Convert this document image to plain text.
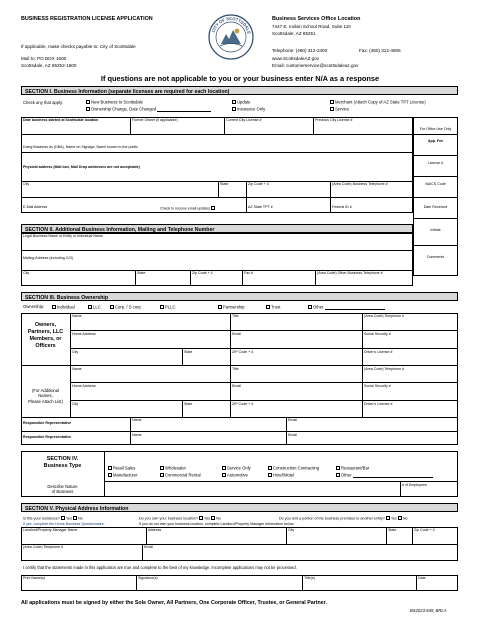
BUSINESS REGISTRATION LICENSE APPLICATION
If applicable, make checks payable to: City of Scottsdale
Mail to: PO BOX 1600
Scottsdale, AZ 85252-1600
CITY OF SCOTTSDALE
Business Services Office Location
7447 E. Indian School Road, Suite 110
Scottsdale, AZ 85251
Telephone: (480) 312-2400	Fax: (480) 312-4806
www.ScottsdaleAZ.gov
Email: customerservice@scottsdaleaz.gov
If questions are not applicable to you or your business enter N/A as a response
SECTION I. Business Information (separate licenses are required for each location)
Check any that apply:	New Business to Scottsdale	Update	Merchant (Attach Copy of AZ State TPT License)
Ownership Change, Date Changed	Insurance Only	Service
Date business started at Scottsdale location	Former Owner (if applicable)	Current City License #	Previous City License #
Doing Business As (DBA), Name on Signage, Name known to the public
Physical address (Mail box, Mail Drop addresses are not acceptable)
City	State	Zip Code + 4	(Area Code) Business Telephone #
E-Mail Address	Check to receive email updates	AZ State TPT #	Federal ID #
For Office Use Only
App. Fee
License #
NAICS Code
Date Received
Initials
Comments
SECTION II. Additional Business Information, Mailing and Telephone Number
Legal Business Name of Entity or Individual Name
Mailing Address (including C/O)
City	State	Zip Code + 4	Fax #	(Area Code) Other Business Telephone #
SECTION III. Business Ownership
Ownership:	Individual	LLC	Corp. / S corp	PLLC	Partnership	Trust	Other
Owners,
Partners, LLC
Members, or
Officers
(For Additional
Names,
Please Attach List)
Name	Title	(Area Code) Telephone #
Home Address	Email	Social Security #
City	State	ZIP Code + 4	Driver's License #
Name	Title	(Area Code) Telephone #
Home Address	Email	Social Security #
City	State	ZIP Code + 4	Driver's License #
Responsible Representative
Name	Email
Responsible Representative	Name	Email
SECTION IV.
Business Type
Describe Nature
of Business
Retail Sales	Wholesaler	Service Only	Construction Contracting	Restaurant/Bar
Manufacturer	Commercial Rental	Automotive	Hotel/Motel	Other
# of Employees
SECTION V. Physical Address Information
Is this your residence? Yes No	Do you own your business location? Yes No	Do you rent a portion of the business premises to another entity? Yes No
If yes, complete the Home Business Questionnaire.	If you do not own your business location, complete Landlord/Property Manager information below.
Landlord/Property Manager Name	Address	City	State	Zip Code + 4
(Area Code) Telephone #	Email
I certify that the statements made in this application are true and complete to the best of my knowledge. Incomplete applications may not be processed.
Print Name(s)	Signature(s)	Title(s)	Date
All applications must be signed by either the Sole Owner, All Partners, One Corporate Officer, Trustee, or General Partner.
BS2023-849_BRLA
